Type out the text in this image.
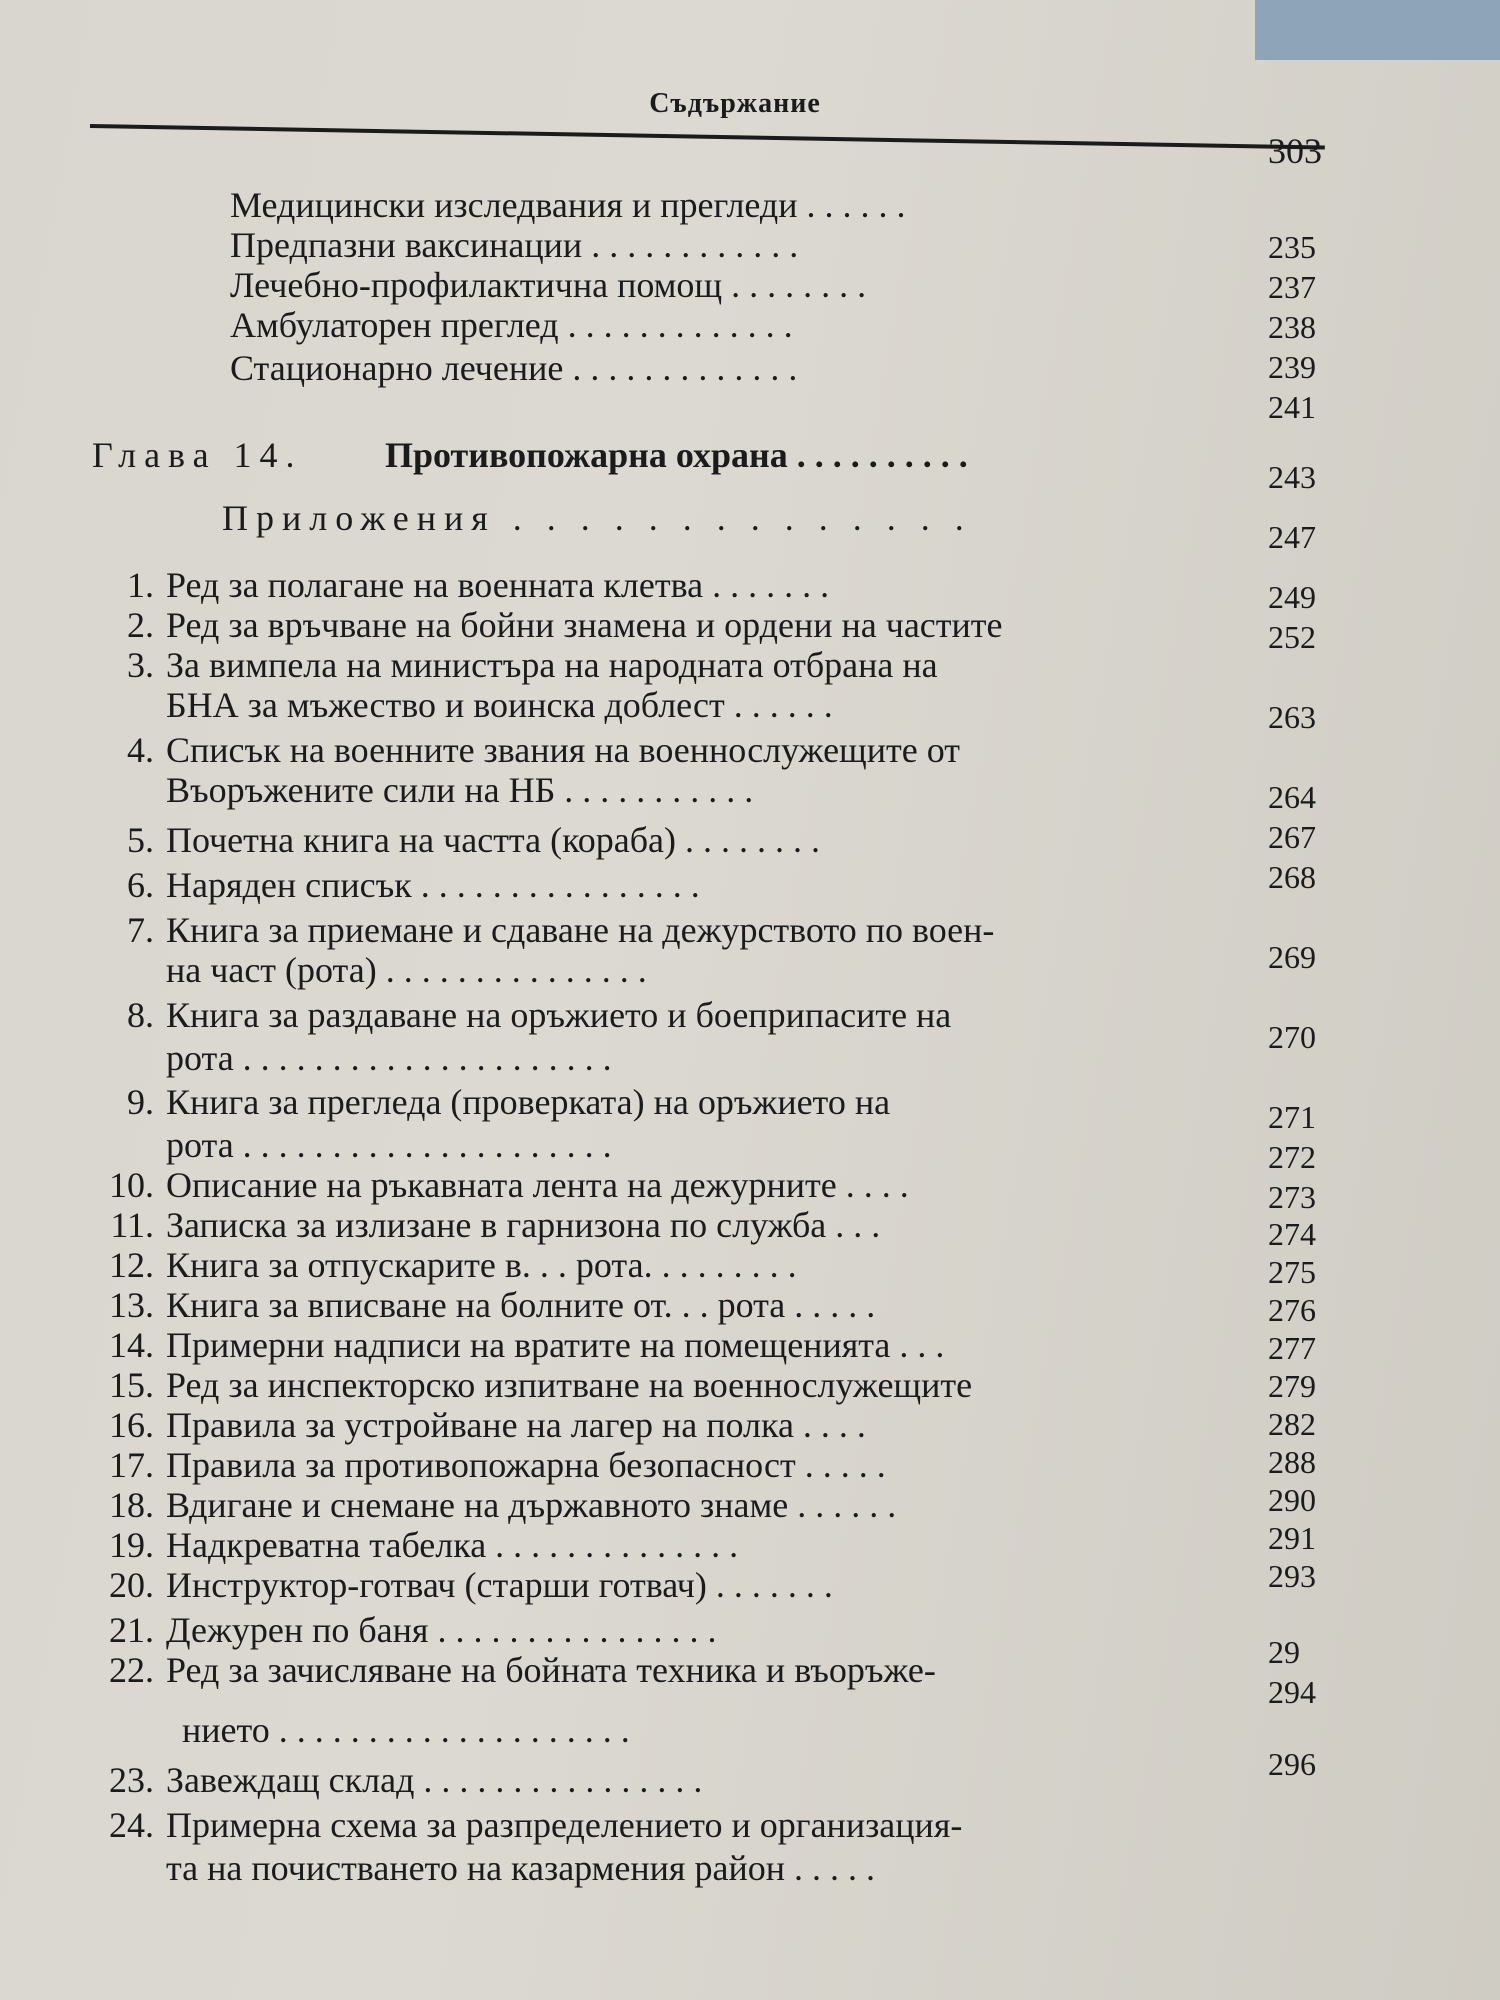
Съдържание
303
Медицински изследвания и прегледи . . . . . .
Предпазни ваксинации . . . . . . . . . . . .
Лечебно-профилактична помощ . . . . . . . .
Амбулаторен преглед . . . . . . . . . . . . .
Стационарно лечение . . . . . . . . . . . . .
Глава 14. Противопожарна охрана . . . . . . . . . .
Приложения . . . . . . . . . . . . . .
1. Ред за полагане на военната клетва . . . . . . .
2. Ред за връчване на бойни знамена и ордени на частите
3. За вимпела на министъра на народната отбрана на
БНА за мъжество и воинска доблест . . . . . .
4. Списък на военните звания на военнослужещите от
Въоръжените сили на НБ . . . . . . . . . . .
5. Почетна книга на частта (кораба) . . . . . . . .
6. Наряден списък . . . . . . . . . . . . . . . .
7. Книга за приемане и сдаване на дежурството по воен-
на част (рота) . . . . . . . . . . . . . . .
8. Книга за раздаване на оръжието и боеприпасите на
рота . . . . . . . . . . . . . . . . . . . . .
9. Книга за прегледа (проверката) на оръжието на
рота . . . . . . . . . . . . . . . . . . . . .
10. Описание на ръкавната лента на дежурните . . . .
11. Записка за излизане в гарнизона по служба . . .
12. Книга за отпускарите в. . . рота. . . . . . . . .
13. Книга за вписване на болните от. . . рота . . . . .
14. Примерни надписи на вратите на помещенията . . .
15. Ред за инспекторско изпитване на военнослужещите
16. Правила за устройване на лагер на полка . . . .
17. Правила за противопожарна безопасност . . . . .
18. Вдигане и снемане на държавното знаме . . . . . .
19. Надкреватна табелка . . . . . . . . . . . . . .
20. Инструктор-готвач (старши готвач) . . . . . . .
21. Дежурен по баня . . . . . . . . . . . . . . . .
22. Ред за зачисляване на бойната техника и въоръже-
нието . . . . . . . . . . . . . . . . . . . .
23. Завеждащ склад . . . . . . . . . . . . . . . .
24. Примерна схема за разпределението и организация-
та на почистването на казармения район . . . . .
235
237
238
239
241
243
247
249
252
263
264
267
268
269
270
271
272
273
274
275
276
277
279
282
288
290
291
293
29
294
296
